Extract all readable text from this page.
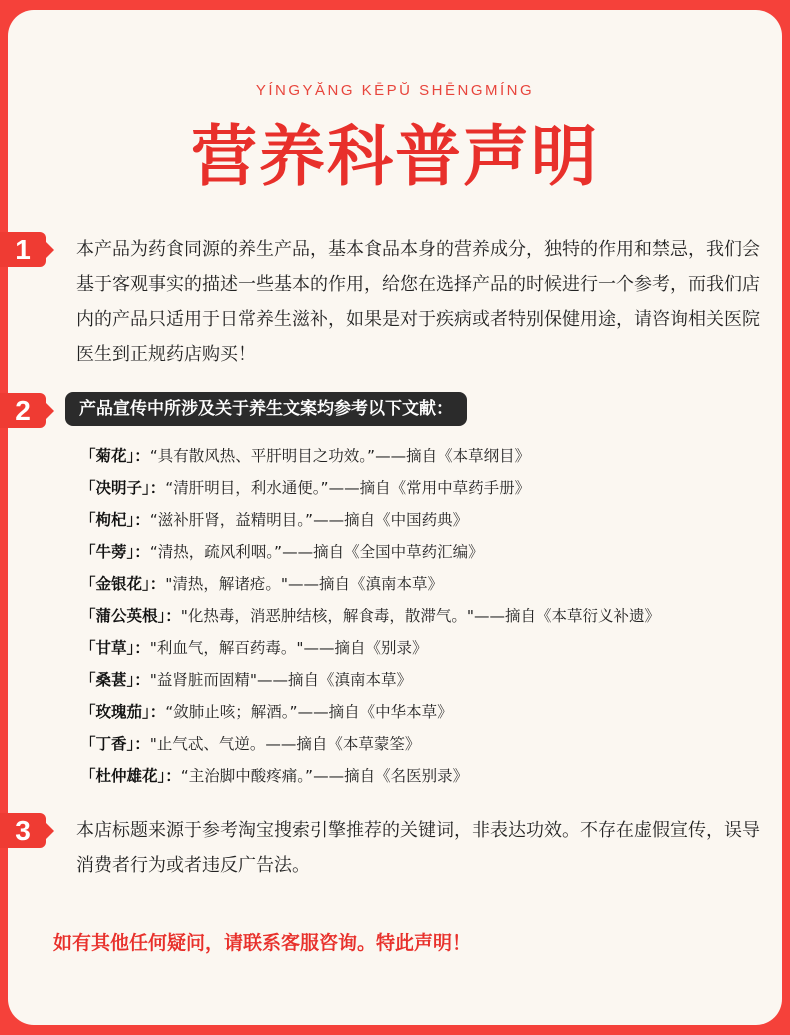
YÍNGYĂNG KĒPŬ SHĒNGMÍNG
营养科普声明
1	本产品为药食同源的养生产品，基本食品本身的营养成分，独特的作用和禁忌，我们会基于客观事实的描述一些基本的作用，给您在选择产品的时候进行一个参考，而我们店内的产品只适用于日常养生滋补，如果是对于疾病或者特别保健用途，请咨询相关医院医生到正规药店购买！
2	产品宣传中所涉及关于养生文案均参考以下文献：
「菊花」：“具有散风热、平肝明目之功效。”——摘自《本草纲目》
「决明子」：“清肝明目，利水通便。”——摘自《常用中草药手册》
「枸杞」：“滋补肝肾，益精明目。”——摘自《中国药典》
「牛蒡」：“清热，疏风利咽。”——摘自《全国中草药汇编》
「金银花」："清热，解诸疮。"——摘自《滇南本草》
「蒲公英根」："化热毒，消恶肿结核，解食毒，散滞气。"——摘自《本草衍义补遗》
「甘草」："利血气，解百药毒。"——摘自《别录》
「桑葚」："益肾脏而固精"——摘自《滇南本草》
「玫瑰茄」：“敛肺止咳；解酒。”——摘自《中华本草》
「丁香」："止气忒、气逆。——摘自《本草蒙筌》
「杜仲雄花」：“主治脚中酸疼痛。”——摘自《名医别录》
3	本店标题来源于参考淘宝搜索引擎推荐的关键词，非表达功效。不存在虚假宣传，误导消费者行为或者违反广告法。
如有其他任何疑问，请联系客服咨询。特此声明！
